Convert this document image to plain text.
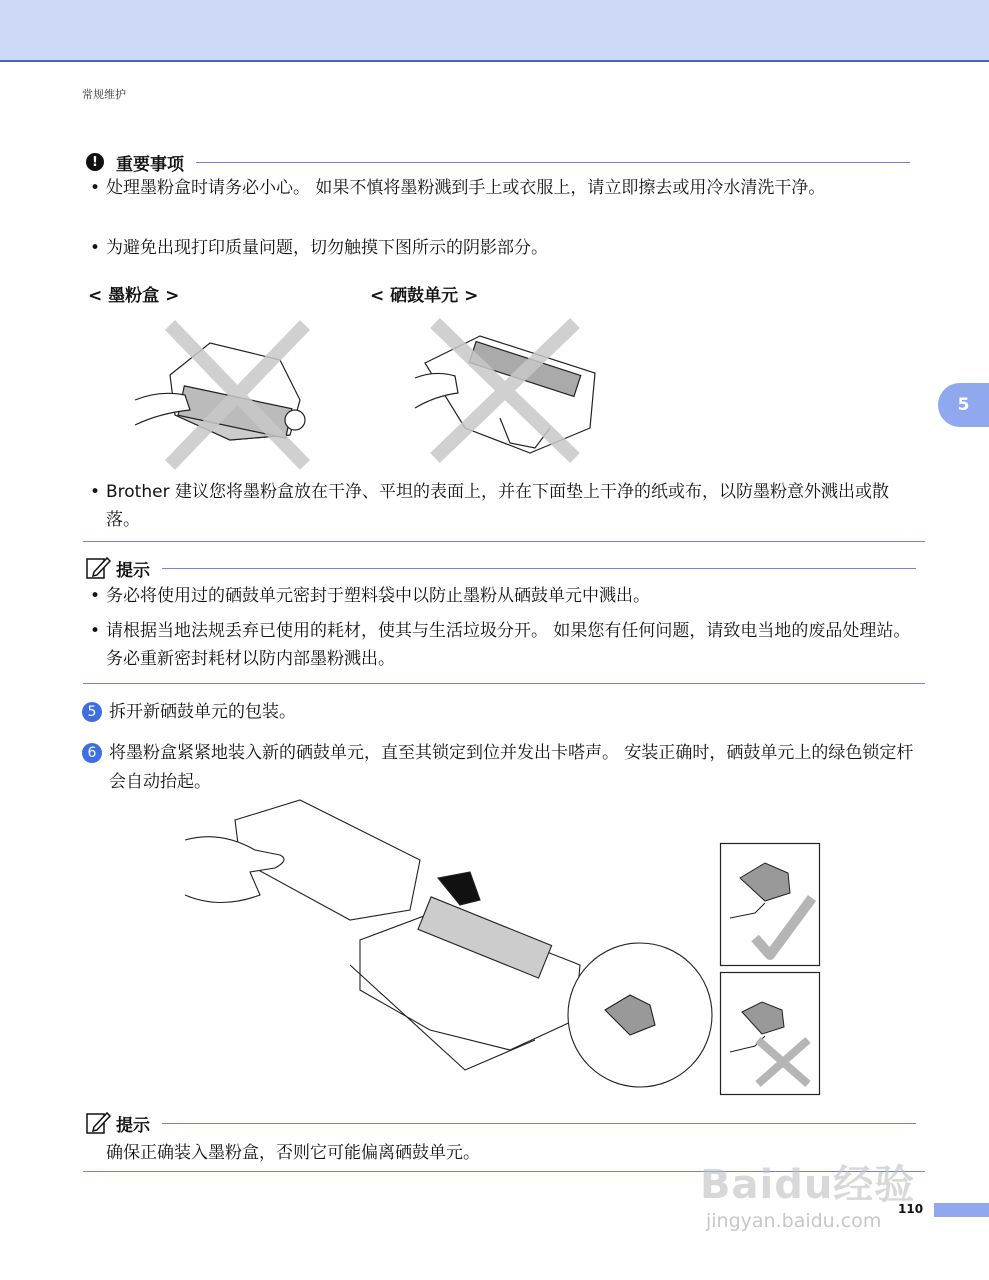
常规维护
5
!	重要事项
• 处理墨粉盒时请务必小心。 如果不慎将墨粉溅到手上或衣服上，请立即擦去或用冷水清洗干净。
• 为避免出现打印质量问题，切勿触摸下图所示的阴影部分。
< 墨粉盒 >	< 硒鼓单元 >
• Brother 建议您将墨粉盒放在干净、平坦的表面上，并在下面垫上干净的纸或布，以防墨粉意外溅出或散落。
提示
• 务必将使用过的硒鼓单元密封于塑料袋中以防止墨粉从硒鼓单元中溅出。
• 请根据当地法规丢弃已使用的耗材，使其与生活垃圾分开。 如果您有任何问题，请致电当地的废品处理站。 务必重新密封耗材以防内部墨粉溅出。
5 拆开新硒鼓单元的包装。
6 将墨粉盒紧紧地装入新的硒鼓单元，直至其锁定到位并发出卡嗒声。 安装正确时，硒鼓单元上的绿色锁定杆会自动抬起。
提示
确保正确装入墨粉盒，否则它可能偏离硒鼓单元。
Baidu经验
jingyan.baidu.com
110
